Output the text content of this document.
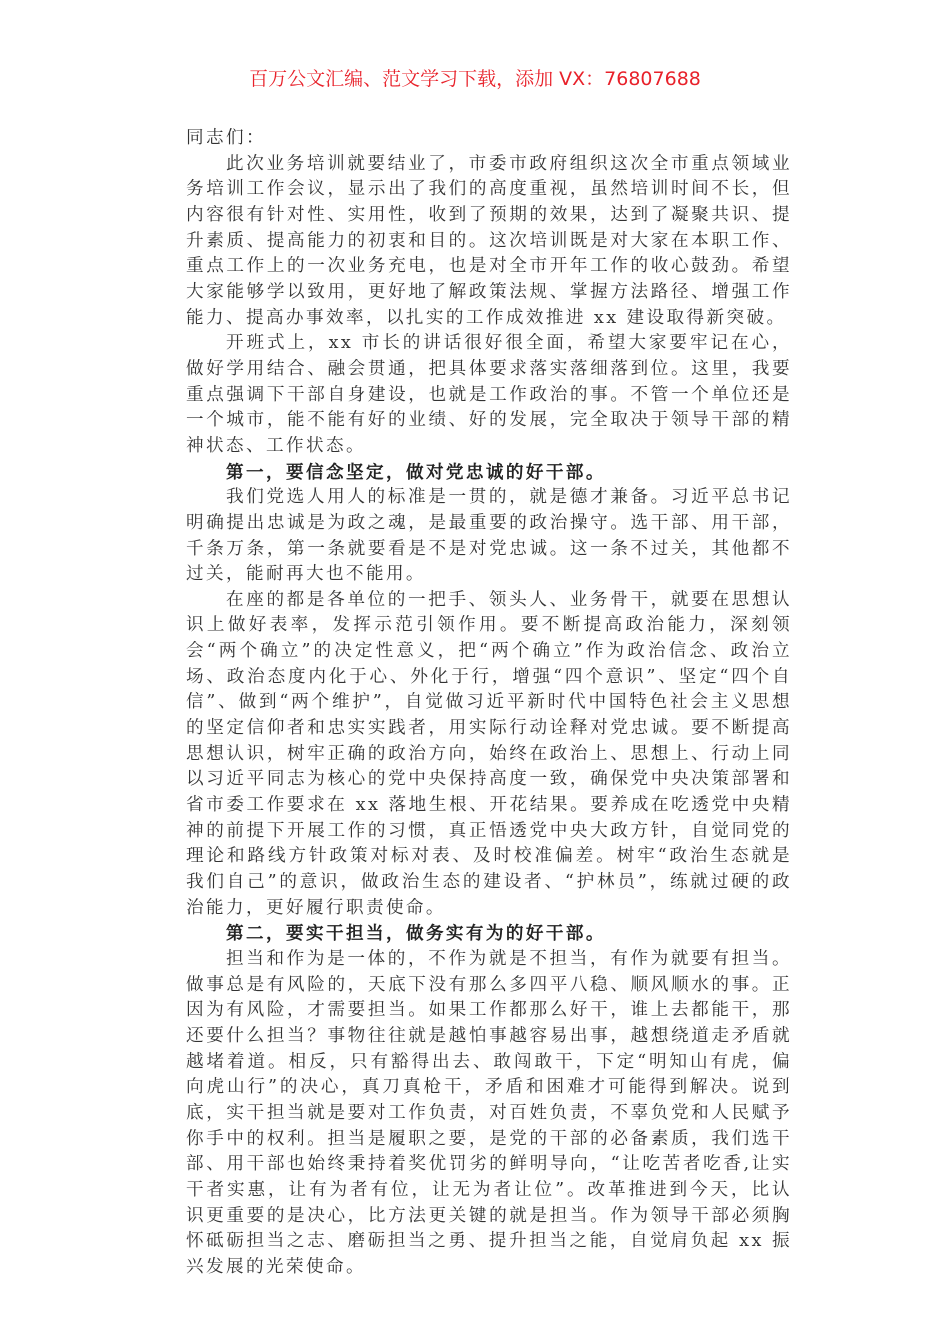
百万公文汇编、范文学习下载，添加 VX：76807688

同志们：

此次业务培训就要结业了，市委市政府组织这次全市重点领域业务培训工作会议，显示出了我们的高度重视，虽然培训时间不长，但内容很有针对性、实用性，收到了预期的效果，达到了凝聚共识、提升素质、提高能力的初衷和目的。这次培训既是对大家在本职工作、重点工作上的一次业务充电，也是对全市开年工作的收心鼓劲。希望大家能够学以致用，更好地了解政策法规、掌握方法路径、增强工作能力、提高办事效率，以扎实的工作成效推进 xx 建设取得新突破。

开班式上，xx 市长的讲话很好很全面，希望大家要牢记在心，做好学用结合、融会贯通，把具体要求落实落细落到位。这里，我要重点强调下干部自身建设，也就是工作政治的事。不管一个单位还是一个城市，能不能有好的业绩、好的发展，完全取决于领导干部的精神状态、工作状态。

第一，要信念坚定，做对党忠诚的好干部。

我们党选人用人的标准是一贯的，就是德才兼备。习近平总书记明确提出忠诚是为政之魂，是最重要的政治操守。选干部、用干部，千条万条，第一条就要看是不是对党忠诚。这一条不过关，其他都不过关，能耐再大也不能用。

在座的都是各单位的一把手、领头人、业务骨干，就要在思想认识上做好表率，发挥示范引领作用。要不断提高政治能力，深刻领会“两个确立”的决定性意义，把“两个确立”作为政治信念、政治立场、政治态度内化于心、外化于行，增强“四个意识”、坚定“四个自信”、做到“两个维护”，自觉做习近平新时代中国特色社会主义思想的坚定信仰者和忠实实践者，用实际行动诠释对党忠诚。要不断提高思想认识，树牢正确的政治方向，始终在政治上、思想上、行动上同以习近平同志为核心的党中央保持高度一致，确保党中央决策部署和省市委工作要求在 xx 落地生根、开花结果。要养成在吃透党中央精神的前提下开展工作的习惯，真正悟透党中央大政方针，自觉同党的理论和路线方针政策对标对表、及时校准偏差。树牢“政治生态就是我们自己”的意识，做政治生态的建设者、“护林员”，练就过硬的政治能力，更好履行职责使命。

第二，要实干担当，做务实有为的好干部。

担当和作为是一体的，不作为就是不担当，有作为就要有担当。做事总是有风险的，天底下没有那么多四平八稳、顺风顺水的事。正因为有风险，才需要担当。如果工作都那么好干，谁上去都能干，那还要什么担当？事物往往就是越怕事越容易出事，越想绕道走矛盾就越堵着道。相反，只有豁得出去、敢闯敢干，下定“明知山有虎，偏向虎山行”的决心，真刀真枪干，矛盾和困难才可能得到解决。说到底，实干担当就是要对工作负责，对百姓负责，不辜负党和人民赋予你手中的权利。担当是履职之要，是党的干部的必备素质，我们选干部、用干部也始终秉持着奖优罚劣的鲜明导向，“让吃苦者吃香,让实干者实惠，让有为者有位，让无为者让位”。改革推进到今天，比认识更重要的是决心，比方法更关键的就是担当。作为领导干部必须胸怀砥砺担当之志、磨砺担当之勇、提升担当之能，自觉肩负起 xx 振兴发展的光荣使命。
